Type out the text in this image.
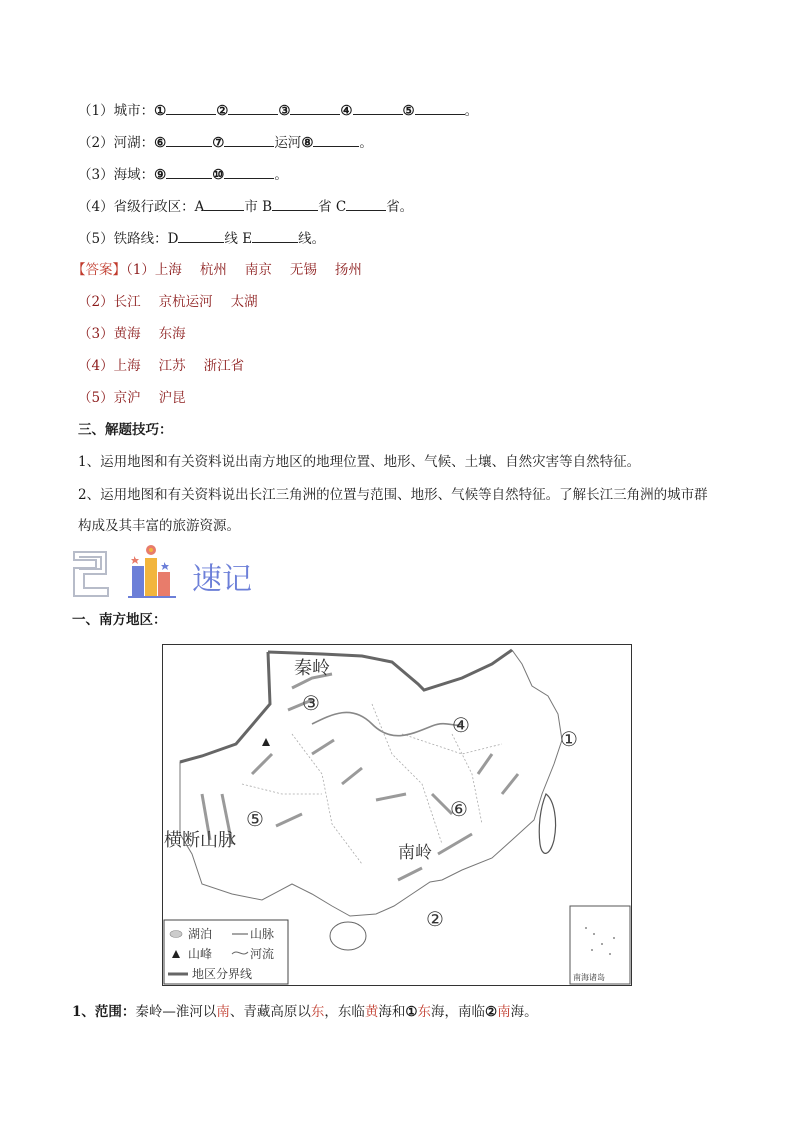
（1）城市：①	②	③	④	⑤	。
（2）河湖：⑥	⑦	运河⑧	。
（3）海域：⑨	⑩	。
（4）省级行政区：A	市 B	省 C	省。
（5）铁路线：D	线 E	线。
【答案】（1）上海 杭州 南京 无锡 扬州
（2）长江 京杭运河 太湖
（3）黄海 东海
（4）上海 江苏 浙江省
（5）京沪 沪昆
三、解题技巧：
1、运用地图和有关资料说出南方地区的地理位置、地形、气候、土壤、自然灾害等自然特征。
2、运用地图和有关资料说出长江三角洲的位置与范围、地形、气候等自然特征。了解长江三角洲的城市群
构成及其丰富的旅游资源。
速记
一、南方地区：
秦岭
横断山脉
南岭
①
②
③
④
⑤	⑥
湖泊	山脉
山峰	河流
地区分界线	南海诸岛
1、范围：秦岭—淮河以南、青藏高原以东，东临黄海和①东海，南临②南海。
